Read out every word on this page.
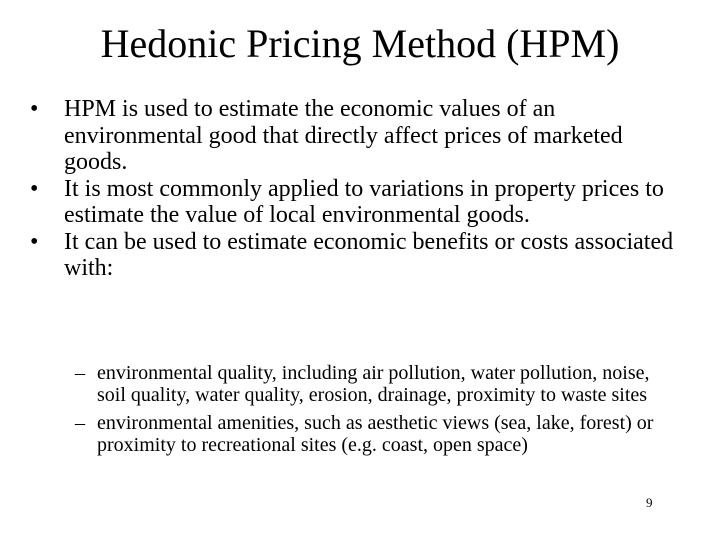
Hedonic Pricing Method (HPM)
•	HPM is used to estimate the economic values of an environmental good that directly affect prices of marketed goods.
•	It is most commonly applied to variations in property prices to estimate the value of local environmental goods.
•	It can be used to estimate economic benefits or costs associated with:
– environmental quality, including air pollution, water pollution, noise, soil quality, water quality, erosion, drainage, proximity to waste sites
– environmental amenities, such as aesthetic views (sea, lake, forest) or proximity to recreational sites (e.g. coast, open space)
9
